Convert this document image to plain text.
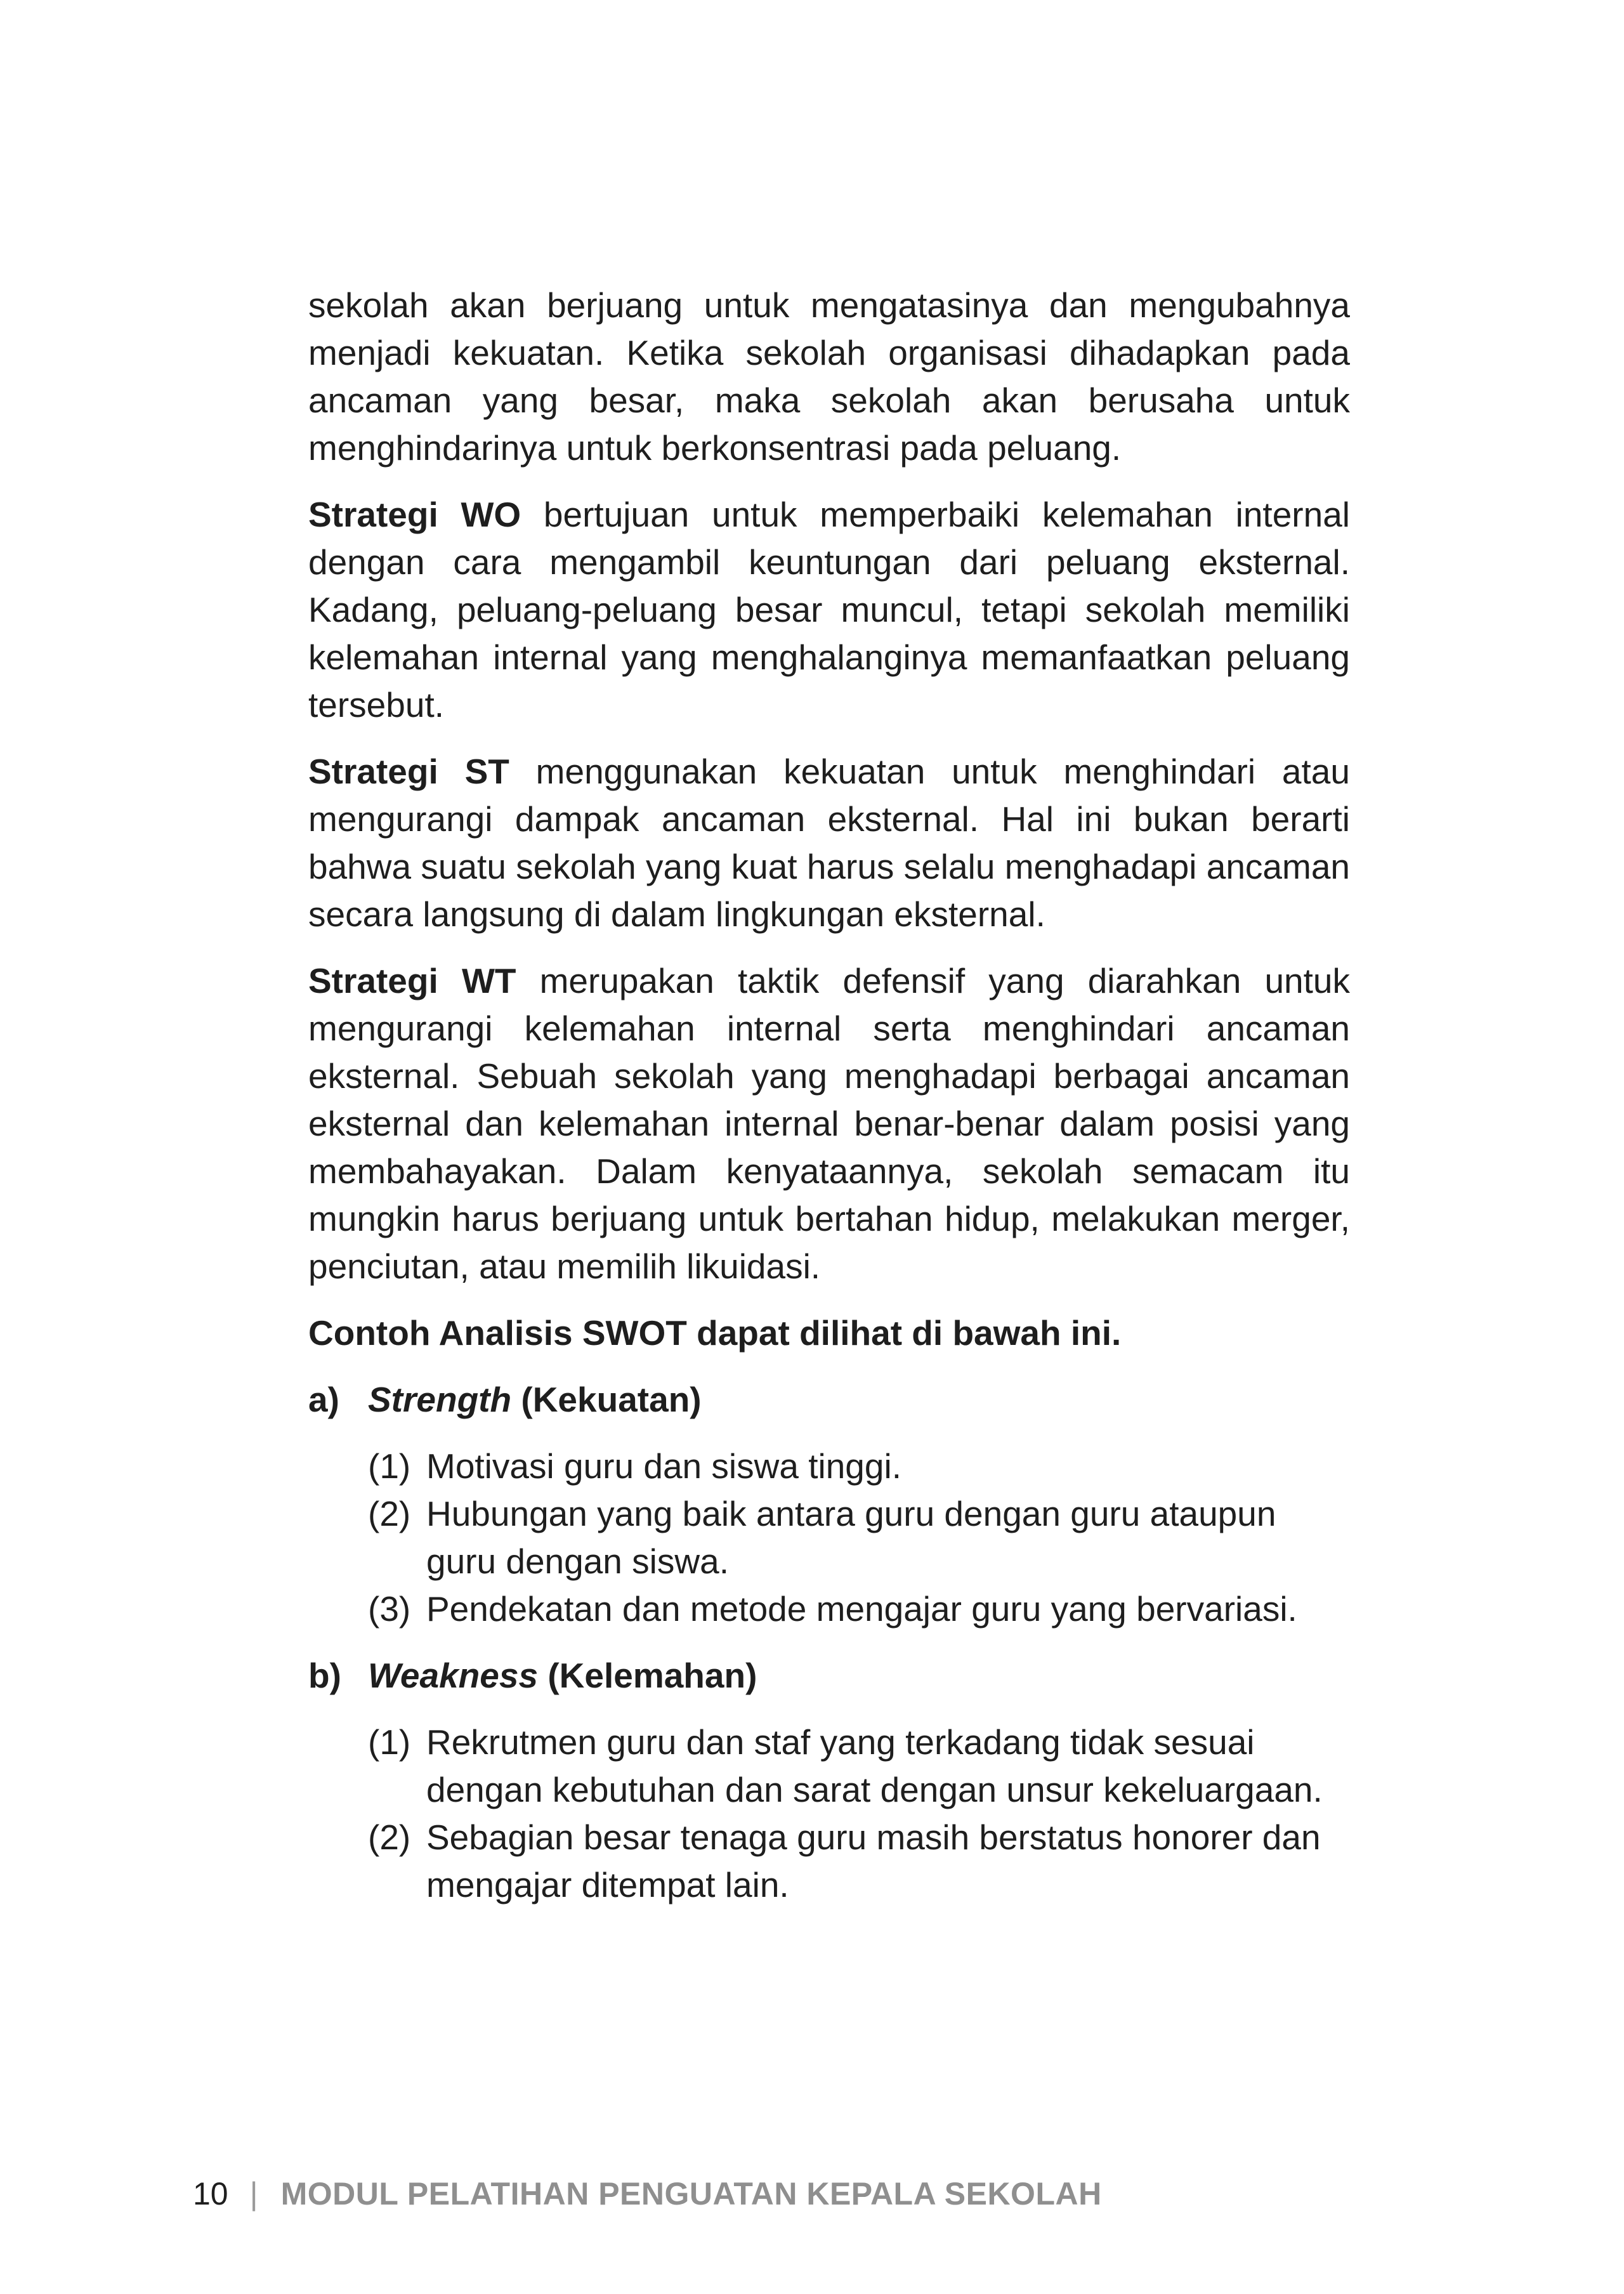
sekolah akan berjuang untuk mengatasinya dan mengubahnya menjadi kekuatan. Ketika sekolah organisasi dihadapkan pada ancaman yang besar, maka sekolah akan berusaha untuk menghindarinya untuk berkonsentrasi pada peluang.

Strategi WO bertujuan untuk memperbaiki kelemahan internal dengan cara mengambil keuntungan dari peluang eksternal. Kadang, peluang-peluang besar muncul, tetapi sekolah memiliki kelemahan internal yang menghalanginya memanfaatkan peluang tersebut.

Strategi ST menggunakan kekuatan untuk menghindari atau mengurangi dampak ancaman eksternal. Hal ini bukan berarti bahwa suatu sekolah yang kuat harus selalu menghadapi ancaman secara langsung di dalam lingkungan eksternal.

Strategi WT merupakan taktik defensif yang diarahkan untuk mengurangi kelemahan internal serta menghindari ancaman eksternal. Sebuah sekolah yang menghadapi berbagai ancaman eksternal dan kelemahan internal benar-benar dalam posisi yang membahayakan. Dalam kenyataannya, sekolah semacam itu mungkin harus berjuang untuk bertahan hidup, melakukan merger, penciutan, atau memilih likuidasi.

Contoh Analisis SWOT dapat dilihat di bawah ini.

a) Strength (Kekuatan)
(1) Motivasi guru dan siswa tinggi.
(2) Hubungan yang baik antara guru dengan guru ataupun guru dengan siswa.
(3) Pendekatan dan metode mengajar guru yang bervariasi.
b) Weakness (Kelemahan)
(1) Rekrutmen guru dan staf yang terkadang tidak sesuai dengan kebutuhan dan sarat dengan unsur kekeluargaan.
(2) Sebagian besar tenaga guru masih berstatus honorer dan mengajar ditempat lain.
10 | MODUL PELATIHAN PENGUATAN KEPALA SEKOLAH
